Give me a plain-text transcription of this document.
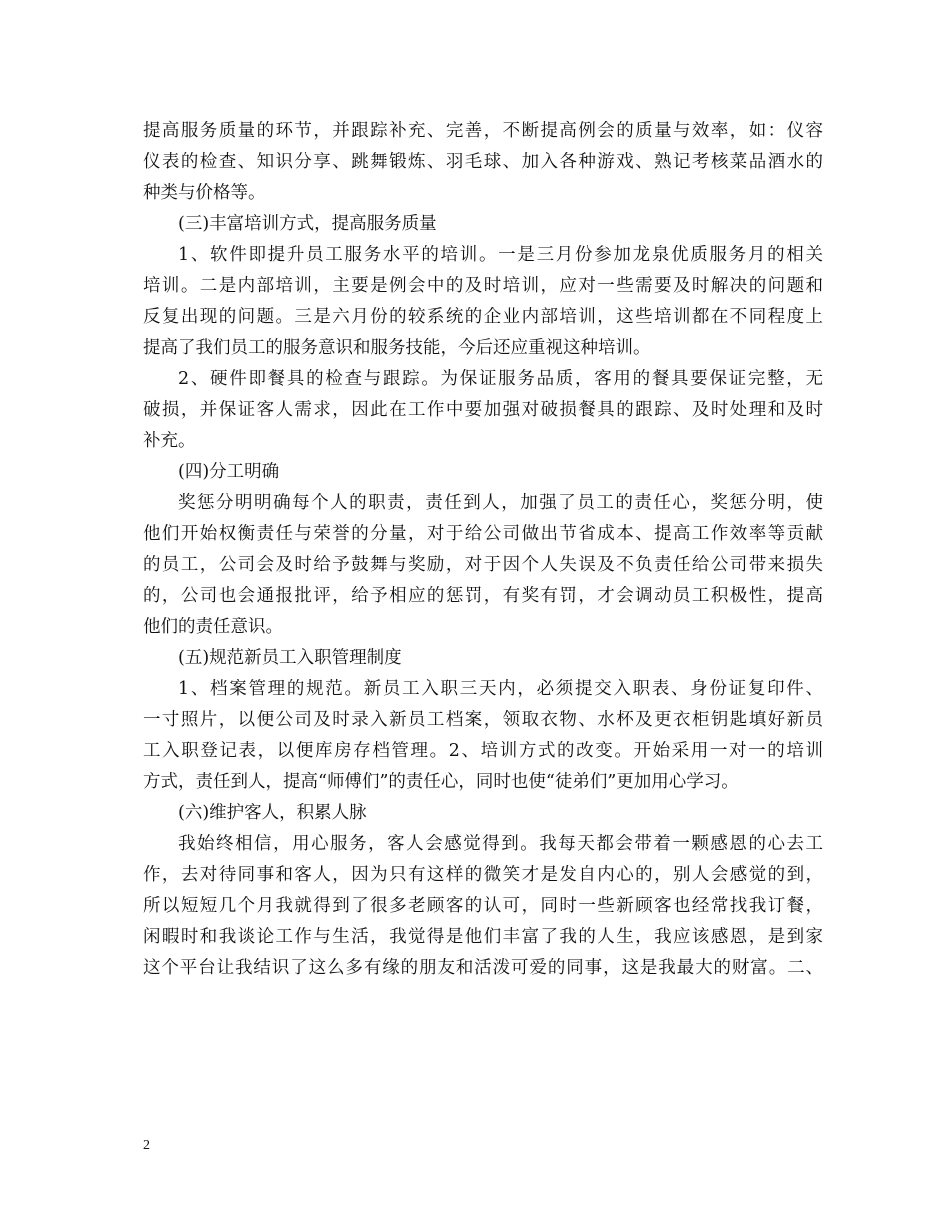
提高服务质量的环节，并跟踪补充、完善，不断提高例会的质量与效率，如：仪容
仪表的检查、知识分享、跳舞锻炼、羽毛球、加入各种游戏、熟记考核菜品酒水的
种类与价格等。
(三)丰富培训方式，提高服务质量
1、软件即提升员工服务水平的培训。一是三月份参加龙泉优质服务月的相关
培训。二是内部培训，主要是例会中的及时培训，应对一些需要及时解决的问题和
反复出现的问题。三是六月份的较系统的企业内部培训，这些培训都在不同程度上
提高了我们员工的服务意识和服务技能，今后还应重视这种培训。
2、硬件即餐具的检查与跟踪。为保证服务品质，客用的餐具要保证完整，无
破损，并保证客人需求，因此在工作中要加强对破损餐具的跟踪、及时处理和及时
补充。
(四)分工明确
奖惩分明明确每个人的职责，责任到人，加强了员工的责任心，奖惩分明，使
他们开始权衡责任与荣誉的分量，对于给公司做出节省成本、提高工作效率等贡献
的员工，公司会及时给予鼓舞与奖励，对于因个人失误及不负责任给公司带来损失
的，公司也会通报批评，给予相应的惩罚，有奖有罚，才会调动员工积极性，提高
他们的责任意识。
(五)规范新员工入职管理制度
1、档案管理的规范。新员工入职三天内，必须提交入职表、身份证复印件、
一寸照片，以便公司及时录入新员工档案，领取衣物、水杯及更衣柜钥匙填好新员
工入职登记表，以便库房存档管理。2、培训方式的改变。开始采用一对一的培训
方式，责任到人，提高“师傅们”的责任心，同时也使“徒弟们”更加用心学习。
(六)维护客人，积累人脉
我始终相信，用心服务，客人会感觉得到。我每天都会带着一颗感恩的心去工
作，去对待同事和客人，因为只有这样的微笑才是发自内心的，别人会感觉的到，
所以短短几个月我就得到了很多老顾客的认可，同时一些新顾客也经常找我订餐，
闲暇时和我谈论工作与生活，我觉得是他们丰富了我的人生，我应该感恩，是到家
这个平台让我结识了这么多有缘的朋友和活泼可爱的同事，这是我最大的财富。二、
2
